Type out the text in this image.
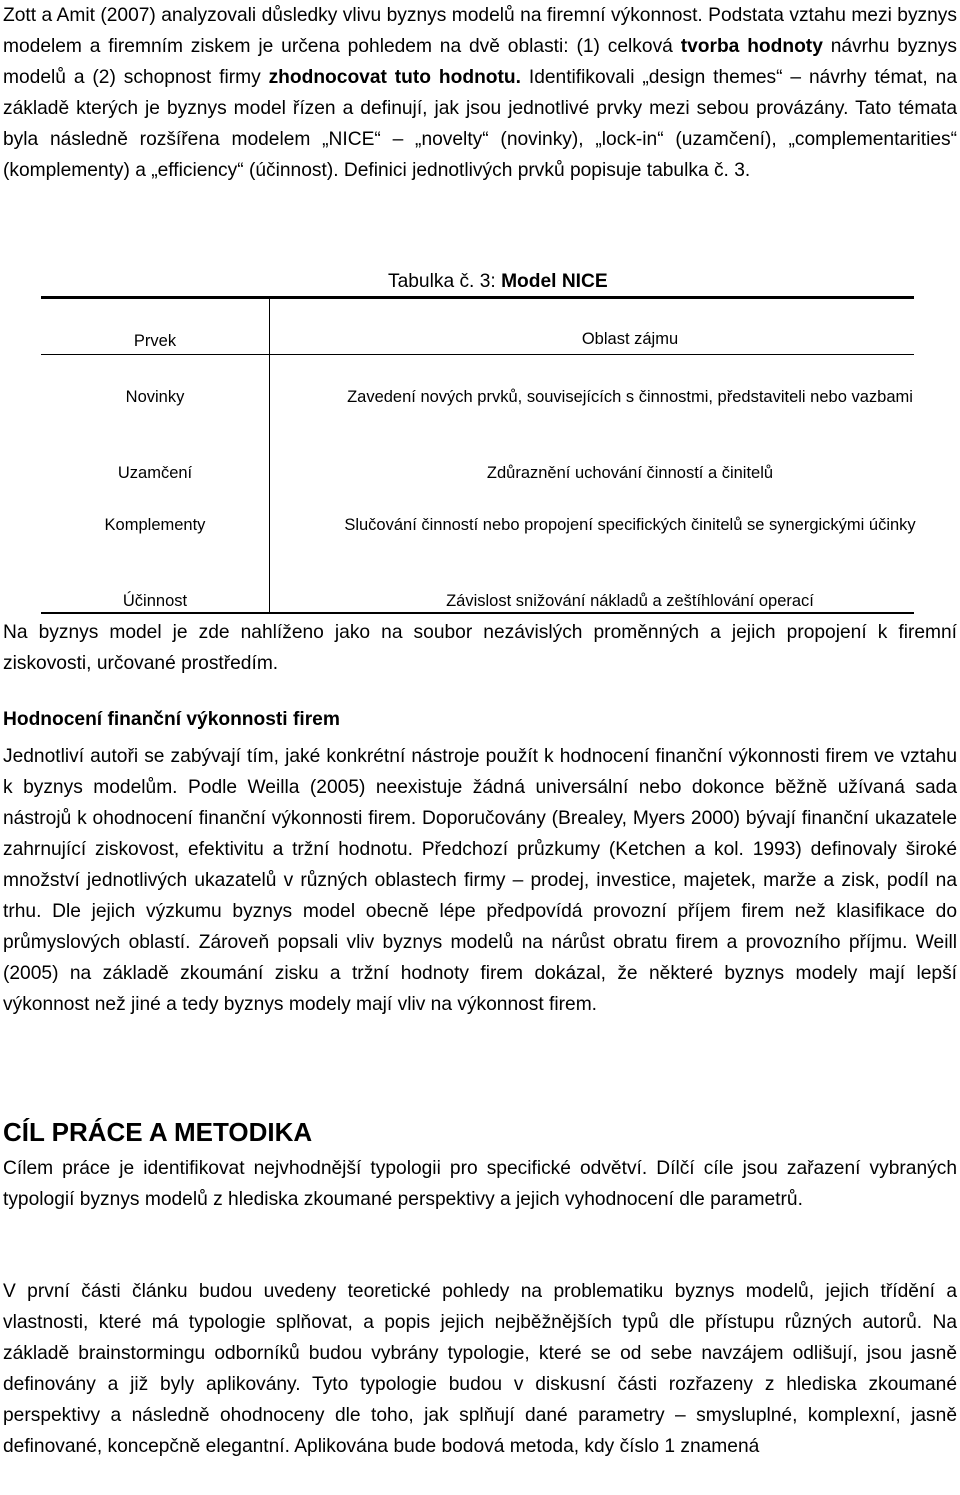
Zott a Amit (2007) analyzovali důsledky vlivu byznys modelů na firemní výkonnost. Podstata vztahu mezi byznys modelem a firemním ziskem je určena pohledem na dvě oblasti: (1) celková tvorba hodnoty návrhu byznys modelů a (2) schopnost firmy zhodnocovat tuto hodnotu. Identifikovali „design themes“ – návrhy témat, na základě kterých je byznys model řízen a definují, jak jsou jednotlivé prvky mezi sebou provázány. Tato témata byla následně rozšířena modelem „NICE“ – „novelty“ (novinky), „lock-in“ (uzamčení), „complementarities“ (komplementy) a „efficiency“ (účinnost). Definici jednotlivých prvků popisuje tabulka č. 3.

Tabulka č. 3: Model NICE

Prvek	Oblast zájmu

Novinky	Zavedení nových prvků, souvisejících s činnostmi, představiteli nebo vazbami

Uzamčení	Zdůraznění uchování činností a činitelů

Komplementy	Slučování činností nebo propojení specifických činitelů se synergickými účinky

Účinnost	Závislost snižování nákladů a zeštíhlování operací

Na byznys model je zde nahlíženo jako na soubor nezávislých proměnných a jejich propojení k firemní ziskovosti, určované prostředím.

Hodnocení finanční výkonnosti firem

Jednotliví autoři se zabývají tím, jaké konkrétní nástroje použít k hodnocení finanční výkonnosti firem ve vztahu k byznys modelům. Podle Weilla (2005) neexistuje žádná universální nebo dokonce běžně užívaná sada nástrojů k ohodnocení finanční výkonnosti firem. Doporučovány (Brealey, Myers 2000) bývají finanční ukazatele zahrnující ziskovost, efektivitu a tržní hodnotu. Předchozí průzkumy (Ketchen a kol. 1993) definovaly široké množství jednotlivých ukazatelů v různých oblastech firmy – prodej, investice, majetek, marže a zisk, podíl na trhu. Dle jejich výzkumu byznys model obecně lépe předpovídá provozní příjem firem než klasifikace do průmyslových oblastí. Zároveň popsali vliv byznys modelů na nárůst obratu firem a provozního příjmu. Weill (2005) na základě zkoumání zisku a tržní hodnoty firem dokázal, že některé byznys modely mají lepší výkonnost než jiné a tedy byznys modely mají vliv na výkonnost firem.

CÍL PRÁCE A METODIKA

Cílem práce je identifikovat nejvhodnější typologii pro specifické odvětví. Dílčí cíle jsou zařazení vybraných typologií byznys modelů z hlediska zkoumané perspektivy a jejich vyhodnocení dle parametrů.

V první části článku budou uvedeny teoretické pohledy na problematiku byznys modelů, jejich třídění a vlastnosti, které má typologie splňovat, a popis jejich nejběžnějších typů dle přístupu různých autorů. Na základě brainstormingu odborníků budou vybrány typologie, které se od sebe navzájem odlišují, jsou jasně definovány a již byly aplikovány. Tyto typologie budou v diskusní části rozřazeny z hlediska zkoumané perspektivy a následně ohodnoceny dle toho, jak splňují dané parametry – smysluplné, komplexní, jasně definované, koncepčně elegantní. Aplikována bude bodová metoda, kdy číslo 1 znamená
